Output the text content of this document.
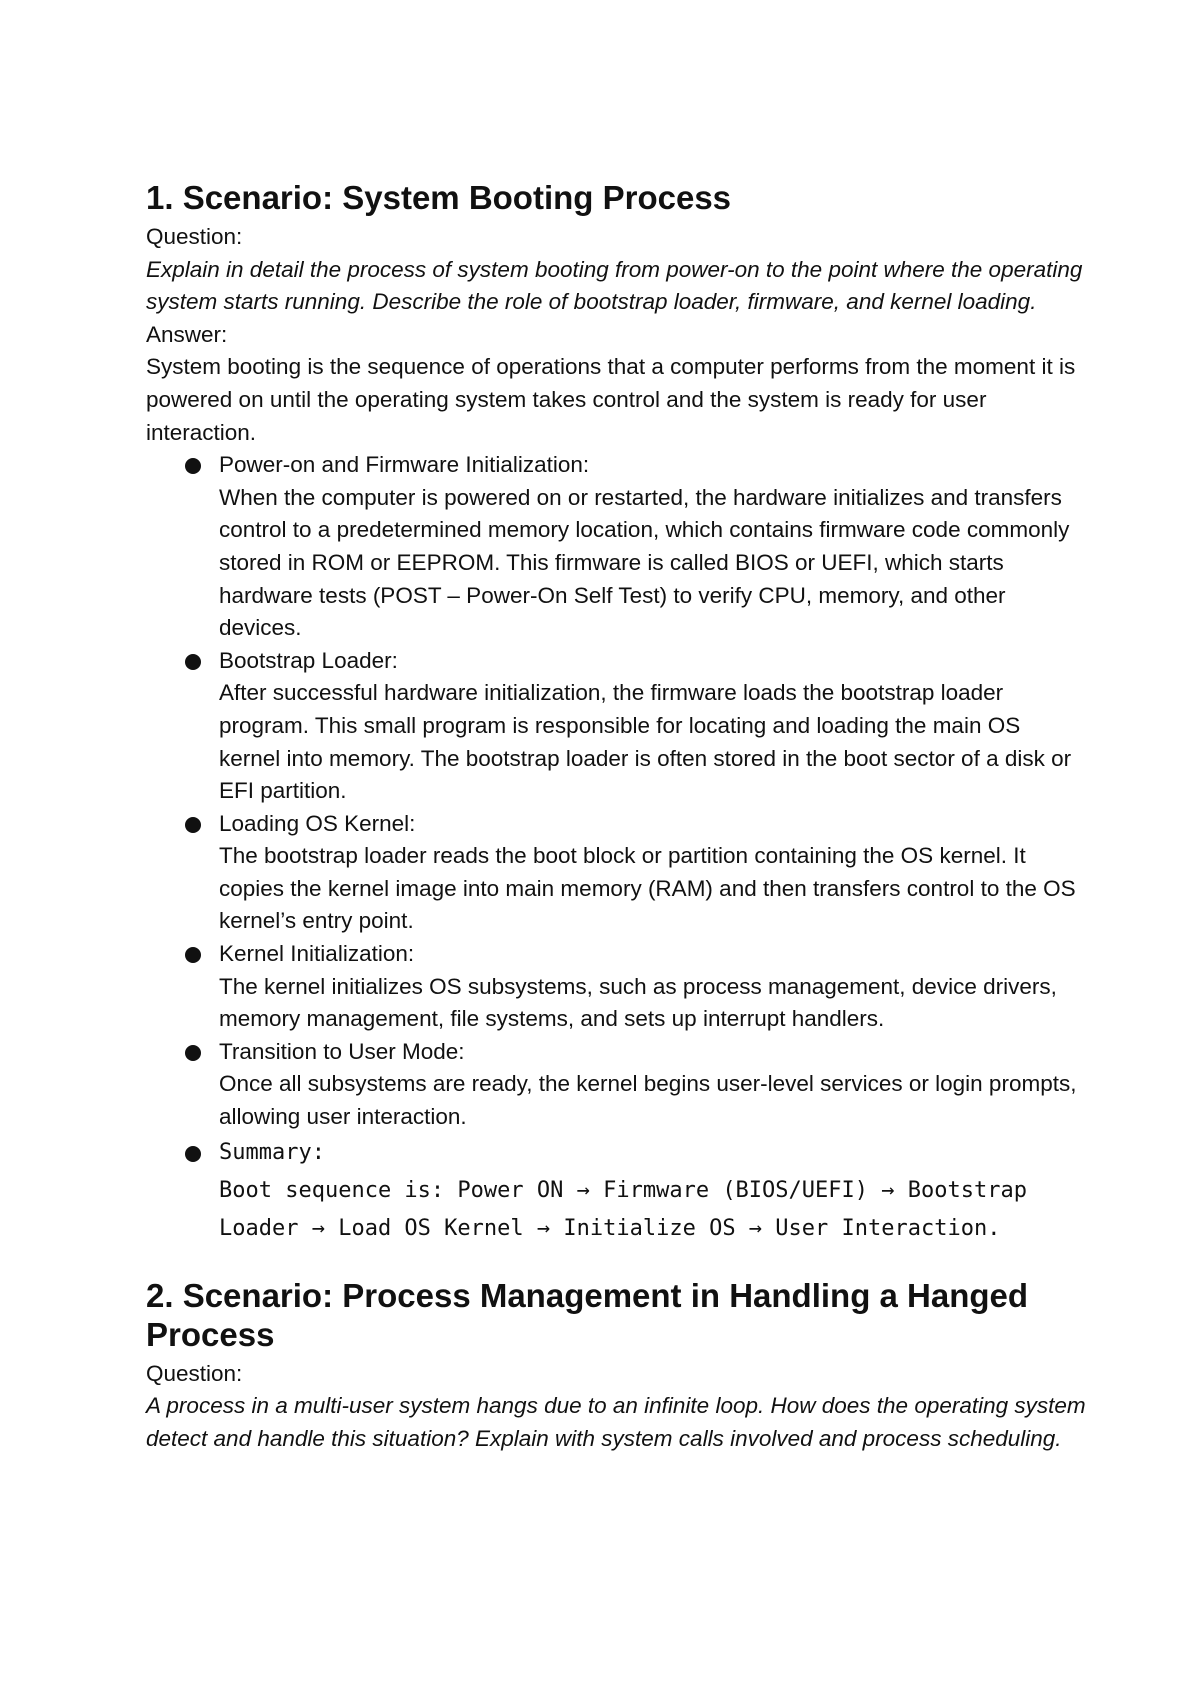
1. Scenario: System Booting Process

Question:

Explain in detail the process of system booting from power-on to the point where the operating system starts running. Describe the role of bootstrap loader, firmware, and kernel loading.

Answer:

System booting is the sequence of operations that a computer performs from the moment it is powered on until the operating system takes control and the system is ready for user interaction.

Power-on and Firmware Initialization:

When the computer is powered on or restarted, the hardware initializes and transfers control to a predetermined memory location, which contains firmware code commonly stored in ROM or EEPROM. This firmware is called BIOS or UEFI, which starts hardware tests (POST – Power-On Self Test) to verify CPU, memory, and other devices.

Bootstrap Loader:

After successful hardware initialization, the firmware loads the bootstrap loader program. This small program is responsible for locating and loading the main OS kernel into memory. The bootstrap loader is often stored in the boot sector of a disk or EFI partition.

Loading OS Kernel:

The bootstrap loader reads the boot block or partition containing the OS kernel. It copies the kernel image into main memory (RAM) and then transfers control to the OS kernel’s entry point.

Kernel Initialization:

The kernel initializes OS subsystems, such as process management, device drivers, memory management, file systems, and sets up interrupt handlers.

Transition to User Mode:

Once all subsystems are ready, the kernel begins user-level services or login prompts, allowing user interaction.

Summary:

Boot sequence is: Power ON → Firmware (BIOS/UEFI) → Bootstrap Loader → Load OS Kernel → Initialize OS → User Interaction.

2. Scenario: Process Management in Handling a Hanged Process

Question:

A process in a multi-user system hangs due to an infinite loop. How does the operating system detect and handle this situation? Explain with system calls involved and process scheduling.
